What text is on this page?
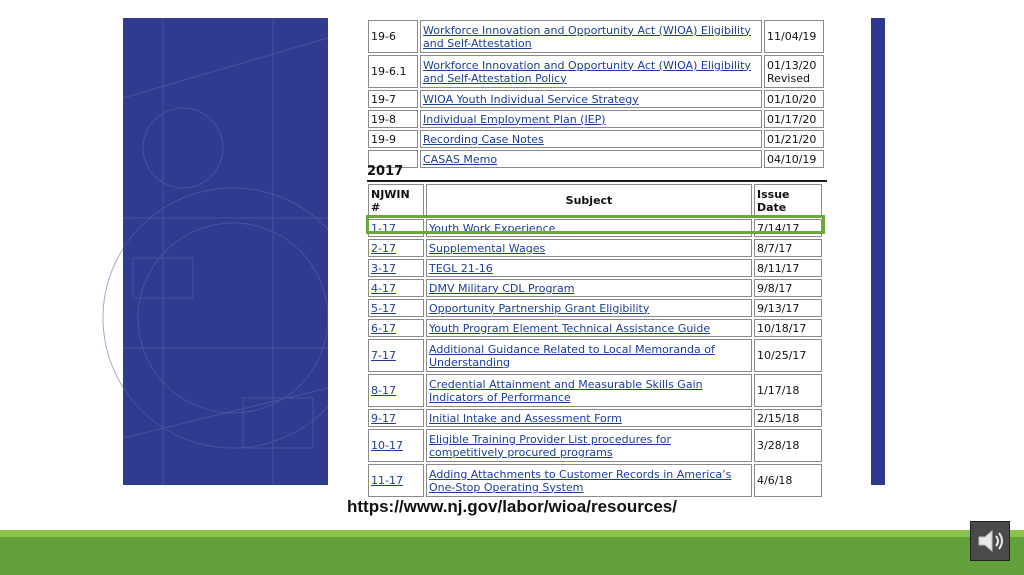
19-6	Workforce Innovation and Opportunity Act (WIOA) Eligibility and Self-Attestation	11/04/19
19-6.1	Workforce Innovation and Opportunity Act (WIOA) Eligibility and Self-Attestation Policy	01/13/20 Revised
19-7	WIOA Youth Individual Service Strategy	01/10/20
19-8	Individual Employment Plan (IEP)	01/17/20
19-9	Recording Case Notes	01/21/20
	CASAS Memo	04/10/19
2017
NJWIN #	Subject	Issue Date
1-17	Youth Work Experience	7/14/17
2-17	Supplemental Wages	8/7/17
3-17	TEGL 21-16	8/11/17
4-17	DMV Military CDL Program	9/8/17
5-17	Opportunity Partnership Grant Eligibility	9/13/17
6-17	Youth Program Element Technical Assistance Guide	10/18/17
7-17	Additional Guidance Related to Local Memoranda of Understanding	10/25/17
8-17	Credential Attainment and Measurable Skills Gain Indicators of Performance	1/17/18
9-17	Initial Intake and Assessment Form	2/15/18
10-17	Eligible Training Provider List procedures for competitively procured programs	3/28/18
11-17	Adding Attachments to Customer Records in America’s One-Stop Operating System	4/6/18
https://www.nj.gov/labor/wioa/resources/
